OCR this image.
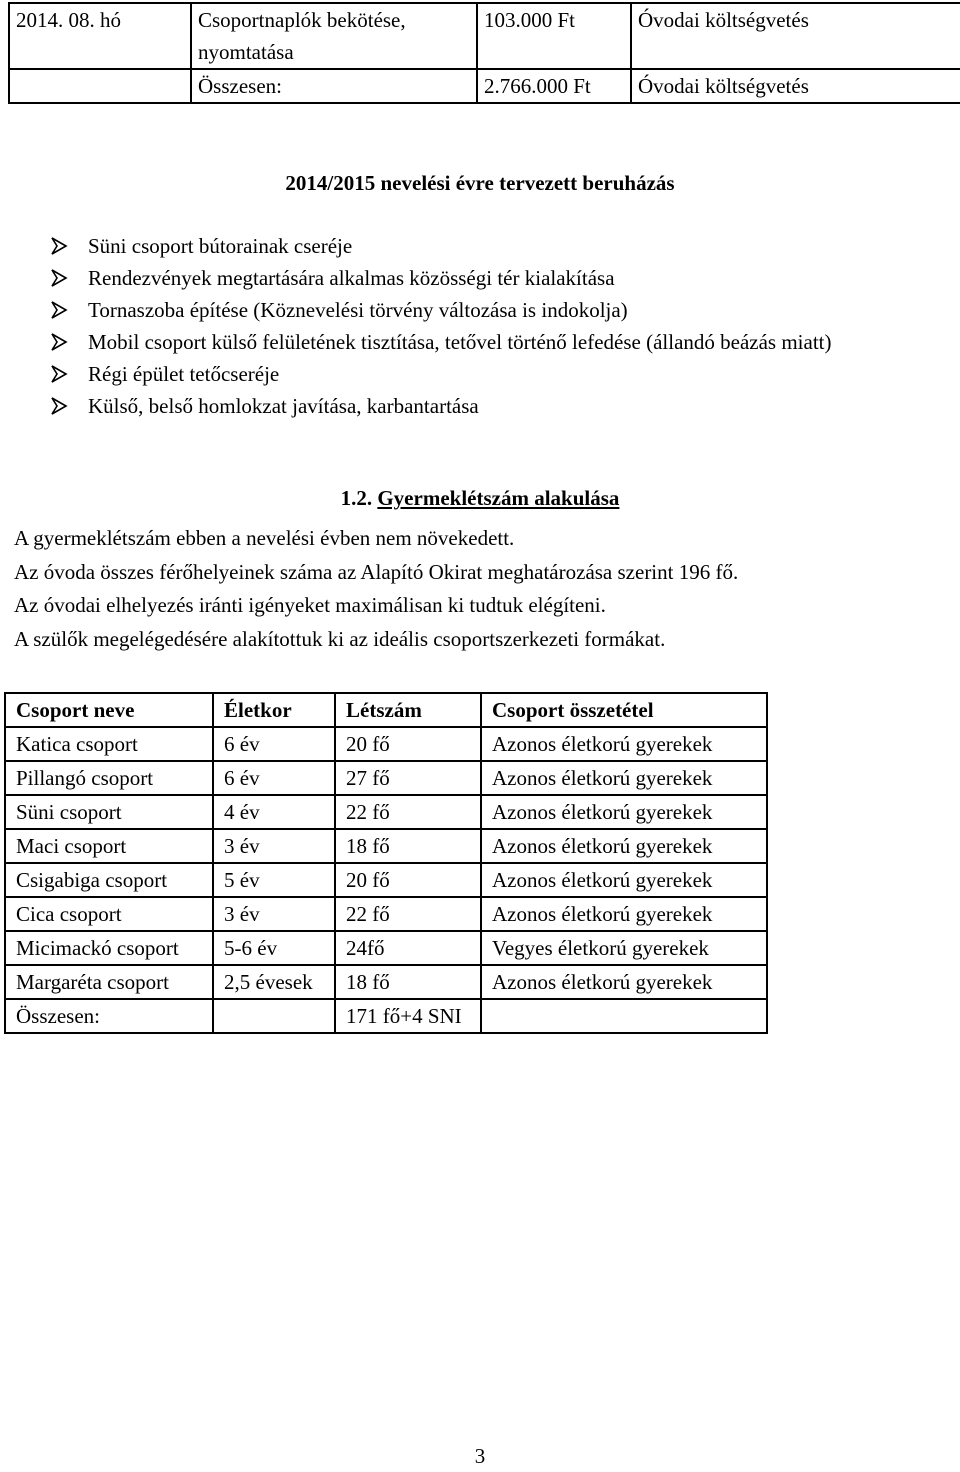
2014. 08. hó	Csoportnaplók bekötése, nyomtatása	103.000 Ft	Óvodai költségvetés
	Összesen:	2.766.000 Ft	Óvodai költségvetés
2014/2015 nevelési évre tervezett beruházás
Süni csoport bútorainak cseréje
Rendezvények megtartására alkalmas közösségi tér kialakítása
Tornaszoba építése (Köznevelési törvény változása is indokolja)
Mobil csoport külső felületének tisztítása, tetővel történő lefedése (állandó beázás miatt)
Régi épület tetőcseréje
Külső, belső homlokzat javítása, karbantartása
1.2. Gyermeklétszám alakulása
A gyermeklétszám ebben a nevelési évben nem növekedett.
Az óvoda összes férőhelyeinek száma az Alapító Okirat meghatározása szerint 196 fő.
Az óvodai elhelyezés iránti igényeket maximálisan ki tudtuk elégíteni.
A szülők megelégedésére alakítottuk ki az ideális csoportszerkezeti formákat.
Csoport neve	Életkor	Létszám	Csoport összetétel
Katica csoport	6 év	20 fő	Azonos életkorú gyerekek
Pillangó csoport	6 év	27 fő	Azonos életkorú gyerekek
Süni csoport	4 év	22 fő	Azonos életkorú gyerekek
Maci csoport	3 év	18 fő	Azonos életkorú gyerekek
Csigabiga csoport	5 év	20 fő	Azonos életkorú gyerekek
Cica csoport	3 év	22 fő	Azonos életkorú gyerekek
Micimackó csoport	5-6 év	24fő	Vegyes életkorú gyerekek
Margaréta csoport	2,5 évesek	18 fő	Azonos életkorú gyerekek
Összesen:		171 fő+4 SNI	
3
